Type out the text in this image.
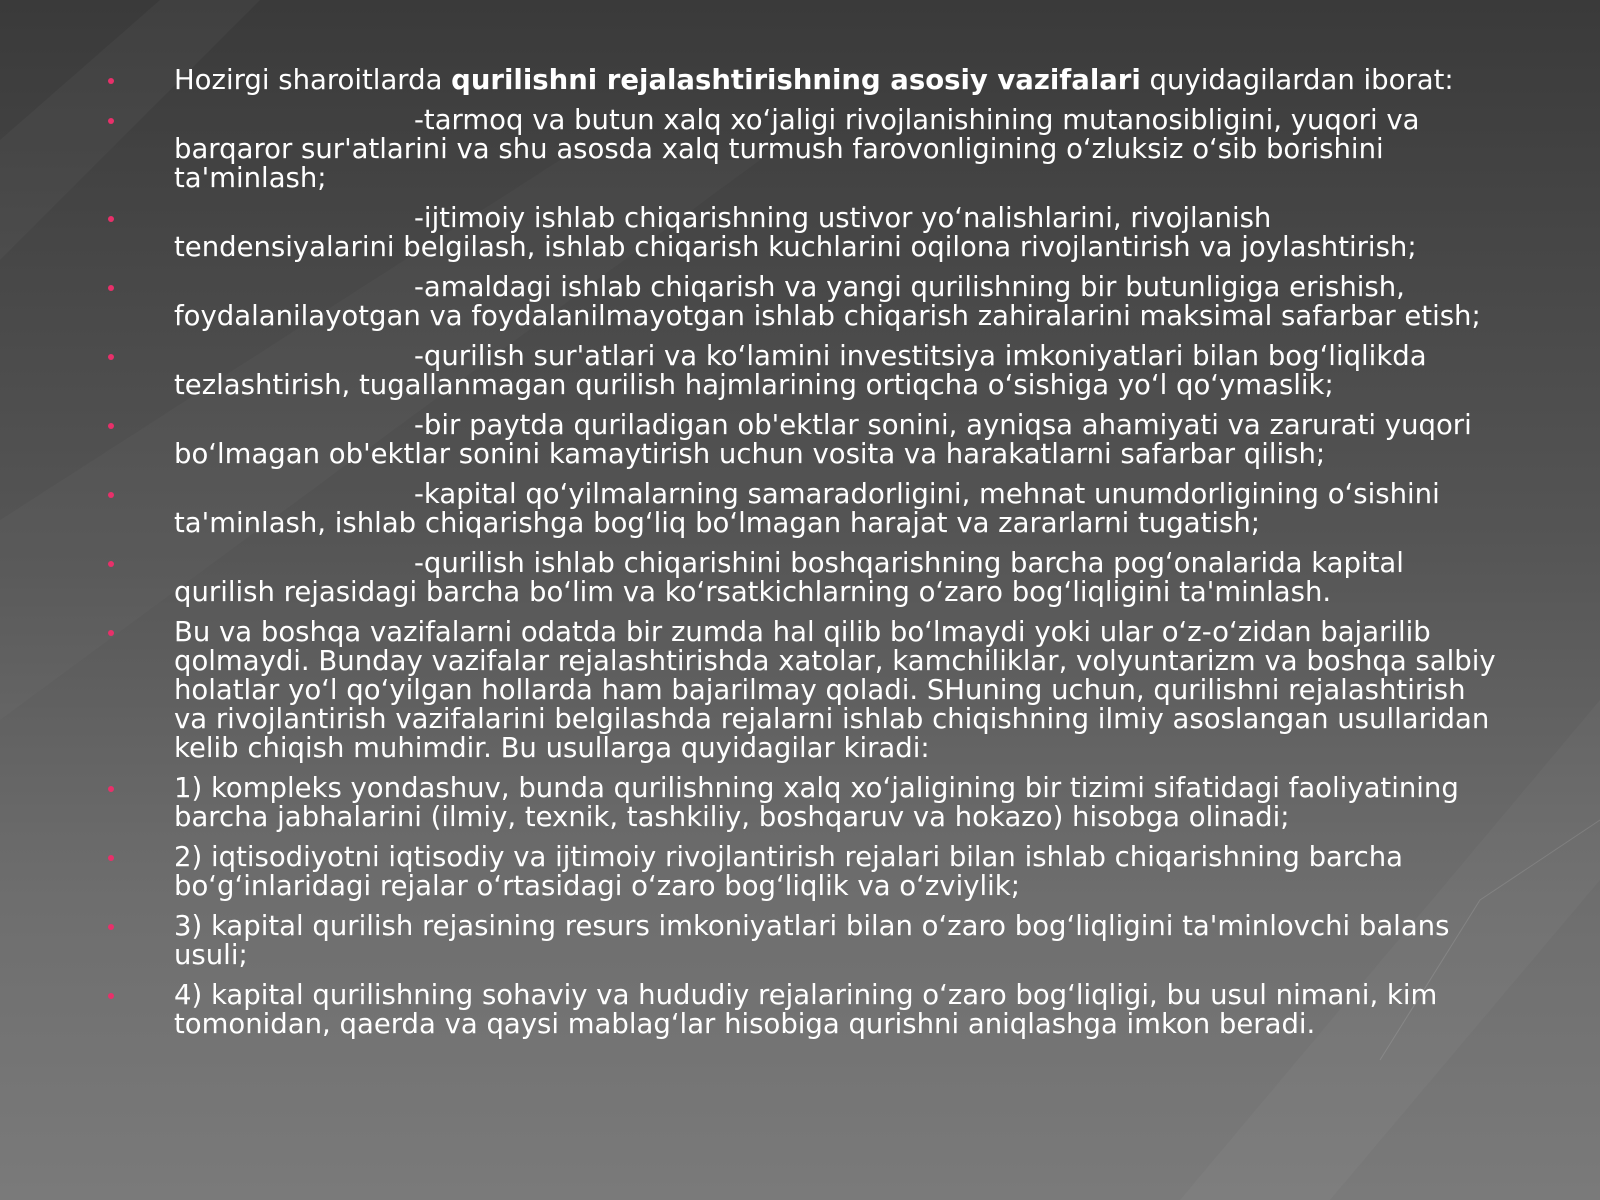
Hozirgi sharoitlarda qurilishni rejalashtirishning asosiy vazifalari quyidagilardan iborat:
-tarmoq va butun xalq xo‘jaligi rivojlanishining mutanosibligini, yuqori va barqaror sur'atlarini va shu asosda xalq turmush farovonligining o‘zluksiz o‘sib borishini ta'minlash;
-ijtimoiy ishlab chiqarishning ustivor yo‘nalishlarini, rivojlanish tendensiyalarini belgilash, ishlab chiqarish kuchlarini oqilona rivojlantirish va joylashtirish;
-amaldagi ishlab chiqarish va yangi qurilishning bir butunligiga erishish, foydalanilayotgan va foydalanilmayotgan ishlab chiqarish zahiralarini maksimal safarbar etish;
-qurilish sur'atlari va ko‘lamini investitsiya imkoniyatlari bilan bog‘liqlikda tezlashtirish, tugallanmagan qurilish hajmlarining ortiqcha o‘sishiga yo‘l qo‘ymaslik;
-bir paytda quriladigan ob'ektlar sonini, ayniqsa ahamiyati va zarurati yuqori bo‘lmagan ob'ektlar sonini kamaytirish uchun vosita va harakatlarni safarbar qilish;
-kapital qo‘yilmalarning samaradorligini, mehnat unumdorligining o‘sishini ta'minlash, ishlab chiqarishga bog‘liq bo‘lmagan harajat va zararlarni tugatish;
-qurilish ishlab chiqarishini boshqarishning barcha pog‘onalarida kapital qurilish rejasidagi barcha bo‘lim va ko‘rsatkichlarning o‘zaro bog‘liqligini ta'minlash.
Bu va boshqa vazifalarni odatda bir zumda hal qilib bo‘lmaydi yoki ular o‘z-o‘zidan bajarilib qolmaydi. Bunday vazifalar rejalashtirishda xatolar, kamchiliklar, volyuntarizm va boshqa salbiy holatlar yo‘l qo‘yilgan hollarda ham bajarilmay qoladi. SHuning uchun, qurilishni rejalashtirish va rivojlantirish vazifalarini belgilashda rejalarni ishlab chiqishning ilmiy asoslangan usullaridan kelib chiqish muhimdir. Bu usullarga quyidagilar kiradi:
1) kompleks yondashuv, bunda qurilishning xalq xo‘jaligining bir tizimi sifatidagi faoliyatining barcha jabhalarini (ilmiy, texnik, tashkiliy, boshqaruv va hokazo) hisobga olinadi;
2) iqtisodiyotni iqtisodiy va ijtimoiy rivojlantirish rejalari bilan ishlab chiqarishning barcha bo‘g‘inlaridagi rejalar o‘rtasidagi o‘zaro bog‘liqlik va o‘zviylik;
3) kapital qurilish rejasining resurs imkoniyatlari bilan o‘zaro bog‘liqligini ta'minlovchi balans usuli;
4) kapital qurilishning sohaviy va hududiy rejalarining o‘zaro bog‘liqligi, bu usul nimani, kim tomonidan, qaerda va qaysi mablag‘lar hisobiga qurishni aniqlashga imkon beradi.
